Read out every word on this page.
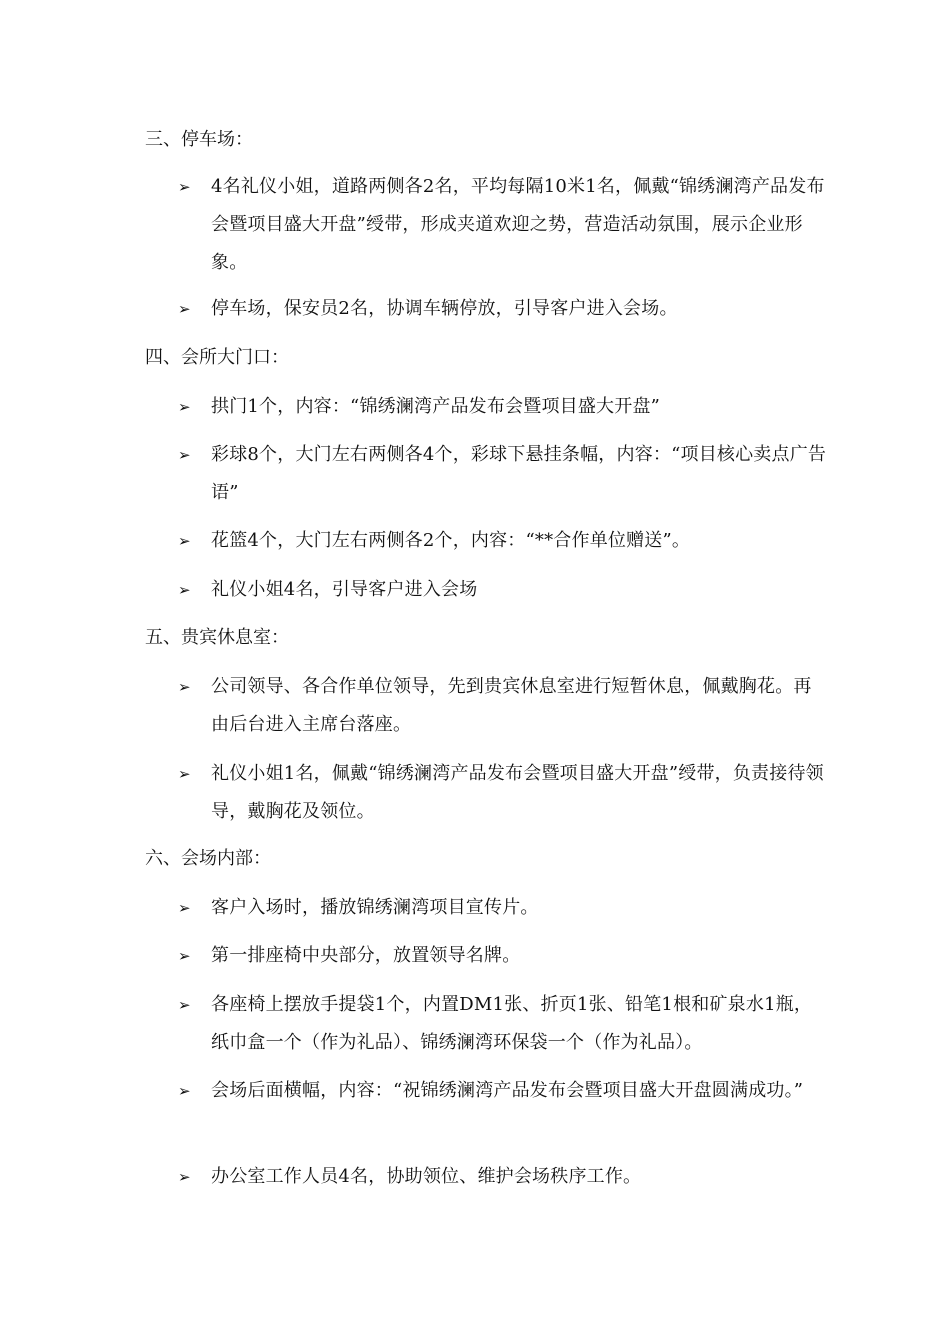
三、停车场：
➢ 4名礼仪小姐，道路两侧各2名，平均每隔10米1名，佩戴“锦绣澜湾产品发布会暨项目盛大开盘”绶带，形成夹道欢迎之势，营造活动氛围，展示企业形象。
➢ 停车场，保安员2名，协调车辆停放，引导客户进入会场。
四、会所大门口：
➢ 拱门1个，内容：“锦绣澜湾产品发布会暨项目盛大开盘”
➢ 彩球8个，大门左右两侧各4个，彩球下悬挂条幅，内容：“项目核心卖点广告语”
➢ 花篮4个，大门左右两侧各2个，内容：“**合作单位赠送”。
➢ 礼仪小姐4名，引导客户进入会场
五、贵宾休息室：
➢ 公司领导、各合作单位领导，先到贵宾休息室进行短暂休息，佩戴胸花。再由后台进入主席台落座。
➢ 礼仪小姐1名，佩戴“锦绣澜湾产品发布会暨项目盛大开盘”绶带，负责接待领导，戴胸花及领位。
六、会场内部：
➢ 客户入场时，播放锦绣澜湾项目宣传片。
➢ 第一排座椅中央部分，放置领导名牌。
➢ 各座椅上摆放手提袋1个，内置DM1张、折页1张、铅笔1根和矿泉水1瓶，纸巾盒一个（作为礼品）、锦绣澜湾环保袋一个（作为礼品）。
➢ 会场后面横幅，内容：“祝锦绣澜湾产品发布会暨项目盛大开盘圆满成功。”
➢ 办公室工作人员4名，协助领位、维护会场秩序工作。
